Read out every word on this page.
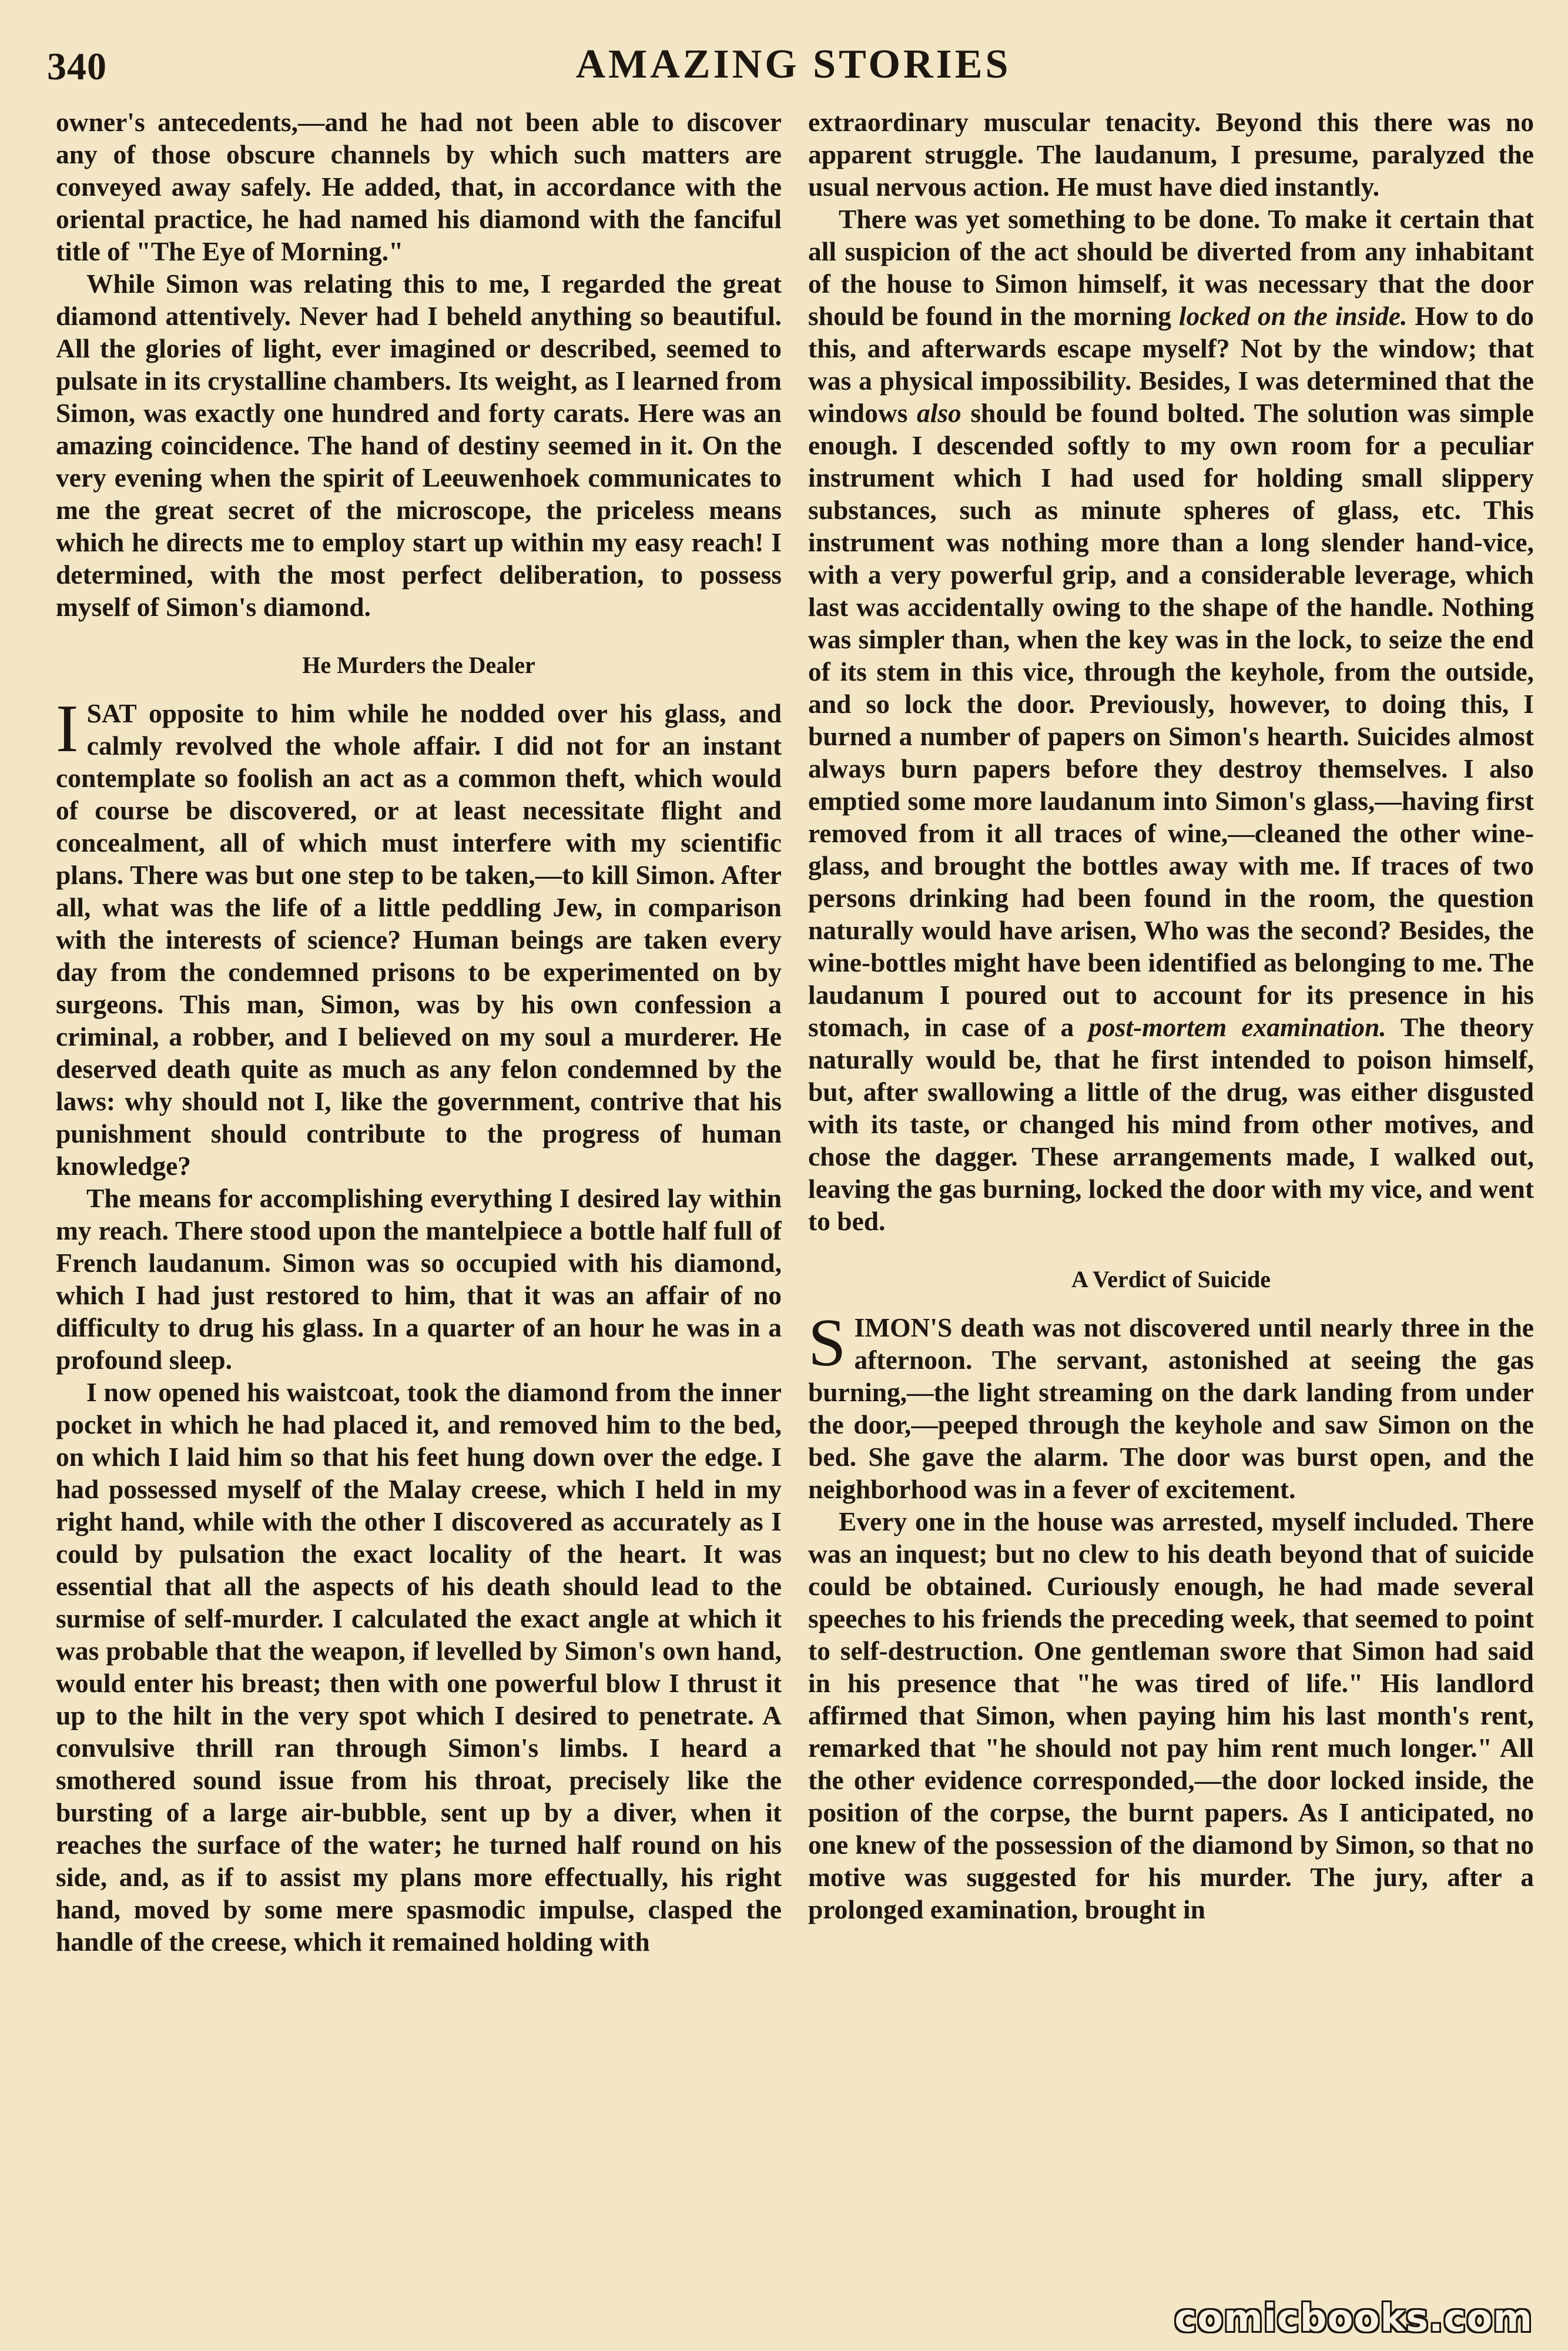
340	AMAZING STORIES

owner's antecedents,—and he had not been able to discover any of those obscure channels by which such matters are conveyed away safely. He added, that, in accordance with the oriental practice, he had named his diamond with the fanciful title of "The Eye of Morning."

While Simon was relating this to me, I regarded the great diamond attentively. Never had I beheld anything so beautiful. All the glories of light, ever imagined or described, seemed to pulsate in its crystalline chambers. Its weight, as I learned from Simon, was exactly one hundred and forty carats. Here was an amazing coincidence. The hand of destiny seemed in it. On the very evening when the spirit of Leeuwenhoek communicates to me the great secret of the microscope, the priceless means which he directs me to employ start up within my easy reach! I determined, with the most perfect deliberation, to possess myself of Simon's diamond.

He Murders the Dealer

ISAT opposite to him while he nodded over his glass, and calmly revolved the whole affair. I did not for an instant contemplate so foolish an act as a common theft, which would of course be discovered, or at least necessitate flight and concealment, all of which must interfere with my scientific plans. There was but one step to be taken,—to kill Simon. After all, what was the life of a little peddling Jew, in comparison with the interests of science? Human beings are taken every day from the condemned prisons to be experimented on by surgeons. This man, Simon, was by his own confession a criminal, a robber, and I believed on my soul a murderer. He deserved death quite as much as any felon condemned by the laws: why should not I, like the government, contrive that his punishment should contribute to the progress of human knowledge?

The means for accomplishing everything I desired lay within my reach. There stood upon the mantelpiece a bottle half full of French laudanum. Simon was so occupied with his diamond, which I had just restored to him, that it was an affair of no difficulty to drug his glass. In a quarter of an hour he was in a profound sleep.

I now opened his waistcoat, took the diamond from the inner pocket in which he had placed it, and removed him to the bed, on which I laid him so that his feet hung down over the edge. I had possessed myself of the Malay creese, which I held in my right hand, while with the other I discovered as accurately as I could by pulsation the exact locality of the heart. It was essential that all the aspects of his death should lead to the surmise of self-murder. I calculated the exact angle at which it was probable that the weapon, if levelled by Simon's own hand, would enter his breast; then with one powerful blow I thrust it up to the hilt in the very spot which I desired to penetrate. A convulsive thrill ran through Simon's limbs. I heard a smothered sound issue from his throat, precisely like the bursting of a large air-bubble, sent up by a diver, when it reaches the surface of the water; he turned half round on his side, and, as if to assist my plans more effectually, his right hand, moved by some mere spasmodic impulse, clasped the handle of the creese, which it remained holding with

extraordinary muscular tenacity. Beyond this there was no apparent struggle. The laudanum, I presume, paralyzed the usual nervous action. He must have died instantly.

There was yet something to be done. To make it certain that all suspicion of the act should be diverted from any inhabitant of the house to Simon himself, it was necessary that the door should be found in the morning locked on the inside. How to do this, and afterwards escape myself? Not by the window; that was a physical impossibility. Besides, I was determined that the windows also should be found bolted. The solution was simple enough. I descended softly to my own room for a peculiar instrument which I had used for holding small slippery substances, such as minute spheres of glass, etc. This instrument was nothing more than a long slender hand-vice, with a very powerful grip, and a considerable leverage, which last was accidentally owing to the shape of the handle. Nothing was simpler than, when the key was in the lock, to seize the end of its stem in this vice, through the keyhole, from the outside, and so lock the door. Previously, however, to doing this, I burned a number of papers on Simon's hearth. Suicides almost always burn papers before they destroy themselves. I also emptied some more laudanum into Simon's glass,—having first removed from it all traces of wine,—cleaned the other wine-glass, and brought the bottles away with me. If traces of two persons drinking had been found in the room, the question naturally would have arisen, Who was the second? Besides, the wine-bottles might have been identified as belonging to me. The laudanum I poured out to account for its presence in his stomach, in case of a post-mortem examination. The theory naturally would be, that he first intended to poison himself, but, after swallowing a little of the drug, was either disgusted with its taste, or changed his mind from other motives, and chose the dagger. These arrangements made, I walked out, leaving the gas burning, locked the door with my vice, and went to bed.

A Verdict of Suicide

SIMON'S death was not discovered until nearly three in the afternoon. The servant, astonished at seeing the gas burning,—the light streaming on the dark landing from under the door,—peeped through the keyhole and saw Simon on the bed. She gave the alarm. The door was burst open, and the neighborhood was in a fever of excitement.

Every one in the house was arrested, myself included. There was an inquest; but no clew to his death beyond that of suicide could be obtained. Curiously enough, he had made several speeches to his friends the preceding week, that seemed to point to self-destruction. One gentleman swore that Simon had said in his presence that "he was tired of life." His landlord affirmed that Simon, when paying him his last month's rent, remarked that "he should not pay him rent much longer." All the other evidence corresponded,—the door locked inside, the position of the corpse, the burnt papers. As I anticipated, no one knew of the possession of the diamond by Simon, so that no motive was suggested for his murder. The jury, after a prolonged examination, brought in

comicbooks.com
